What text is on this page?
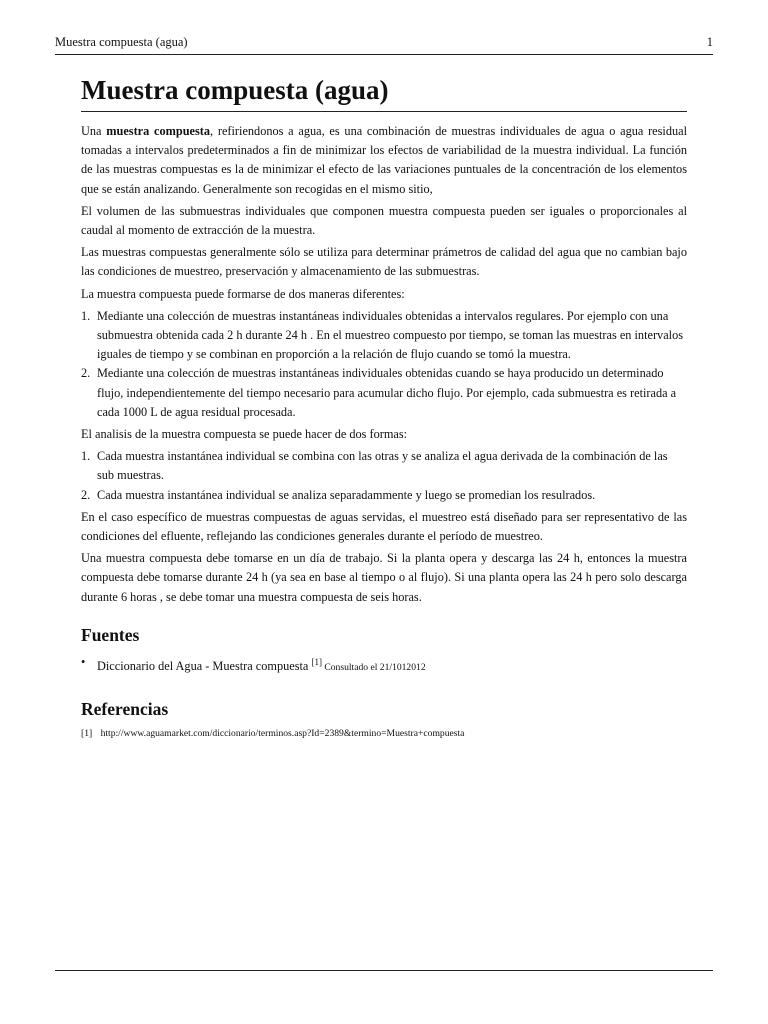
Muestra compuesta (agua)	1
Muestra compuesta (agua)

Una muestra compuesta, refiriendonos a agua, es una combinación de muestras individuales de agua o agua residual tomadas a intervalos predeterminados a fin de minimizar los efectos de variabilidad de la muestra individual. La función de las muestras compuestas es la de minimizar el efecto de las variaciones puntuales de la concentración de los elementos que se están analizando. Generalmente son recogidas en el mismo sitio,

El volumen de las submuestras individuales que componen muestra compuesta pueden ser iguales o proporcionales al caudal al momento de extracción de la muestra.

Las muestras compuestas generalmente sólo se utiliza para determinar prámetros de calidad del agua que no cambian bajo las condiciones de muestreo, preservación y almacenamiento de las submuestras.

La muestra compuesta puede formarse de dos maneras diferentes:

1. Mediante una colección de muestras instantáneas individuales obtenidas a intervalos regulares. Por ejemplo con una submuestra obtenida cada 2 h durante 24 h . En el muestreo compuesto por tiempo, se toman las muestras en intervalos iguales de tiempo y se combinan en proporción a la relación de flujo cuando se tomó la muestra.
2. Mediante una colección de muestras instantáneas individuales obtenidas cuando se haya producido un determinado flujo, independientemente del tiempo necesario para acumular dicho flujo. Por ejemplo, cada submuestra es retirada a cada 1000 L de agua residual procesada.

El analisis de la muestra compuesta se puede hacer de dos formas:

1. Cada muestra instantánea individual se combina con las otras y se analiza el agua derivada de la combinación de las sub muestras.
2. Cada muestra instantánea individual se analiza separadammente y luego se promedian los resulrados.

En el caso específico de muestras compuestas de aguas servidas, el muestreo está diseñado para ser representativo de las condiciones del efluente, reflejando las condiciones generales durante el período de muestreo.

Una muestra compuesta debe tomarse en un día de trabajo. Si la planta opera y descarga las 24 h, entonces la muestra compuesta debe tomarse durante 24 h (ya sea en base al tiempo o al flujo). Si una planta opera las 24 h pero solo descarga durante 6 horas , se debe tomar una muestra compuesta de seis horas.

Fuentes
• Diccionario del Agua - Muestra compuesta [1] Consultado el 21/1012012
Referencias
[1] http://www.aguamarket.com/diccionario/terminos.asp?Id=2389&termino=Muestra+compuesta
